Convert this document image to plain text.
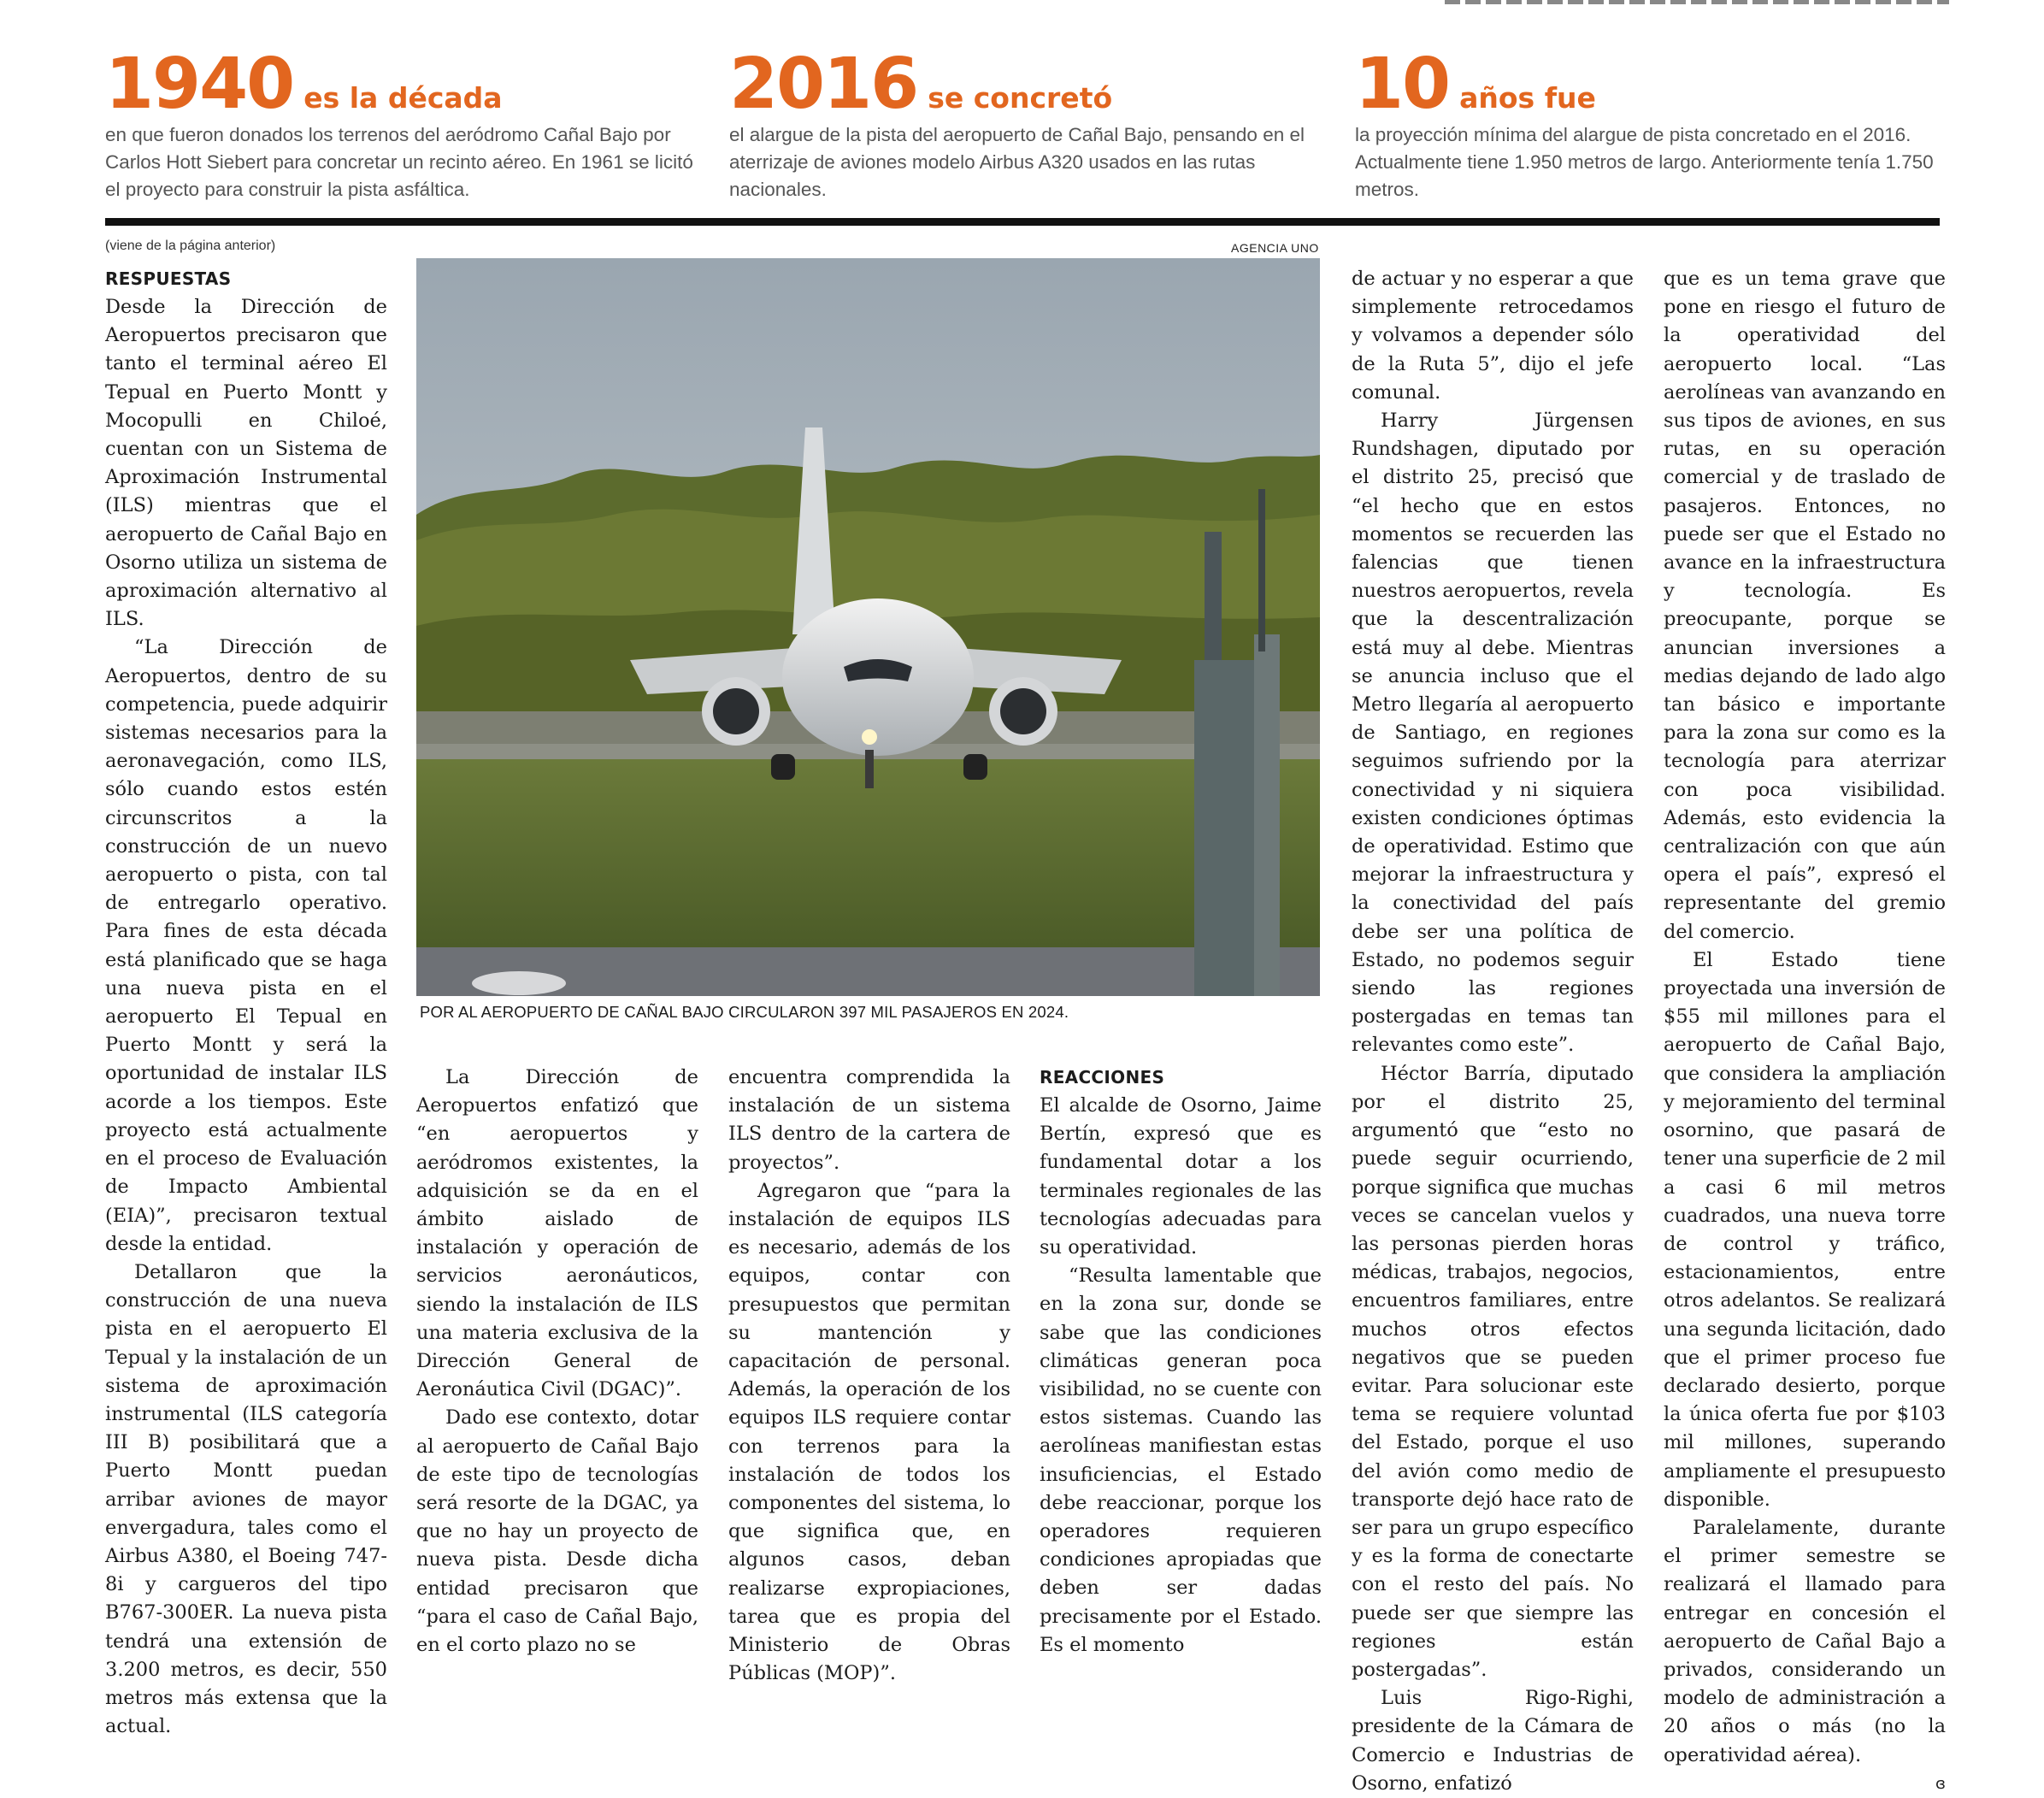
1940 es la década
en que fueron donados los terrenos del aeródromo Cañal Bajo por Carlos Hott Siebert para concretar un recinto aéreo. En 1961 se licitó el proyecto para construir la pista asfáltica.
2016 se concretó
el alargue de la pista del aeropuerto de Cañal Bajo, pensando en el aterrizaje de aviones modelo Airbus A320 usados en las rutas nacionales.
10 años fue
la proyección mínima del alargue de pista concretado en el 2016. Actualmente tiene 1.950 metros de largo. Anteriormente tenía 1.750 metros.
(viene de la página anterior)	AGENCIA UNO
POR AL AEROPUERTO DE CAÑAL BAJO CIRCULARON 397 MIL PASAJEROS EN 2024.
RESPUESTAS

Desde la Dirección de Aeropuertos precisaron que tanto el terminal aéreo El Tepual en Puerto Montt y Mocopulli en Chiloé, cuentan con un Sistema de Aproximación Instrumental (ILS) mientras que el aeropuerto de Cañal Bajo en Osorno utiliza un sistema de aproximación alternativo al ILS.

“La Dirección de Aeropuertos, dentro de su competencia, puede adquirir sistemas necesarios para la aeronavegación, como ILS, sólo cuando estos estén circunscritos a la construcción de un nuevo aeropuerto o pista, con tal de entregarlo operativo. Para fines de esta década está planificado que se haga una nueva pista en el aeropuerto El Tepual en Puerto Montt y será la oportunidad de instalar ILS acorde a los tiempos. Este proyecto está actualmente en el proceso de Evaluación de Impacto Ambiental (EIA)”, precisaron textual desde la entidad.

Detallaron que la construcción de una nueva pista en el aeropuerto El Tepual y la instalación de un sistema de aproximación instrumental (ILS categoría III B) posibilitará que a Puerto Montt puedan arribar aviones de mayor envergadura, tales como el Airbus A380, el Boeing 747-8i y cargueros del tipo B767-300ER. La nueva pista tendrá una extensión de 3.200 metros, es decir, 550 metros más extensa que la actual.

La Dirección de Aeropuertos enfatizó que “en aeropuertos y aeródromos existentes, la adquisición se da en el ámbito aislado de instalación y operación de servicios aeronáuticos, siendo la instalación de ILS una materia exclusiva de la Dirección General de Aeronáutica Civil (DGAC)”.

Dado ese contexto, dotar al aeropuerto de Cañal Bajo de este tipo de tecnologías será resorte de la DGAC, ya que no hay un proyecto de nueva pista. Desde dicha entidad precisaron que “para el caso de Cañal Bajo, en el corto plazo no se

encuentra comprendida la instalación de un sistema ILS dentro de la cartera de proyectos”.

Agregaron que “para la instalación de equipos ILS es necesario, además de los equipos, contar con presupuestos que permitan su mantención y capacitación de personal. Además, la operación de los equipos ILS requiere contar con terrenos para la instalación de todos los componentes del sistema, lo que significa que, en algunos casos, deban realizarse expropiaciones, tarea que es propia del Ministerio de Obras Públicas (MOP)”.

REACCIONES

El alcalde de Osorno, Jaime Bertín, expresó que es fundamental dotar a los terminales regionales de las tecnologías adecuadas para su operatividad.

“Resulta lamentable que en la zona sur, donde se sabe que las condiciones climáticas generan poca visibilidad, no se cuente con estos sistemas. Cuando las aerolíneas manifiestan estas insuficiencias, el Estado debe reaccionar, porque los operadores requieren condiciones apropiadas que deben ser dadas precisamente por el Estado. Es el momento

de actuar y no esperar a que simplemente retrocedamos y volvamos a depender sólo de la Ruta 5”, dijo el jefe comunal.

Harry Jürgensen Rundshagen, diputado por el distrito 25, precisó que “el hecho que en estos momentos se recuerden las falencias que tienen nuestros aeropuertos, revela que la descentralización está muy al debe. Mientras se anuncia incluso que el Metro llegaría al aeropuerto de Santiago, en regiones seguimos sufriendo por la conectividad y ni siquiera existen condiciones óptimas de operatividad. Estimo que mejorar la infraestructura y la conectividad del país debe ser una política de Estado, no podemos seguir siendo las regiones postergadas en temas tan relevantes como este”.

Héctor Barría, diputado por el distrito 25, argumentó que “esto no puede seguir ocurriendo, porque significa que muchas veces se cancelan vuelos y las personas pierden horas médicas, trabajos, negocios, encuentros familiares, entre muchos otros efectos negativos que se pueden evitar. Para solucionar este tema se requiere voluntad del Estado, porque el uso del avión como medio de transporte dejó hace rato de ser para un grupo específico y es la forma de conectarte con el resto del país. No puede ser que siempre las regiones están postergadas”.

Luis Rigo-Righi, presidente de la Cámara de Comercio e Industrias de Osorno, enfatizó

que es un tema grave que pone en riesgo el futuro de la operatividad del aeropuerto local. “Las aerolíneas van avanzando en sus tipos de aviones, en sus rutas, en su operación comercial y de traslado de pasajeros. Entonces, no puede ser que el Estado no avance en la infraestructura y tecnología. Es preocupante, porque se anuncian inversiones a medias dejando de lado algo tan básico e importante para la zona sur como es la tecnología para aterrizar con poca visibilidad. Además, esto evidencia la centralización con que aún opera el país”, expresó el representante del gremio del comercio.

El Estado tiene proyectada una inversión de $55 mil millones para el aeropuerto de Cañal Bajo, que considera la ampliación y mejoramiento del terminal osornino, que pasará de tener una superficie de 2 mil a casi 6 mil metros cuadrados, una nueva torre de control y tráfico, estacionamientos, entre otros adelantos. Se realizará una segunda licitación, dado que el primer proceso fue declarado desierto, porque la única oferta fue por $103 mil millones, superando ampliamente el presupuesto disponible.

Paralelamente, durante el primer semestre se realizará el llamado para entregar en concesión el aeropuerto de Cañal Bajo a privados, considerando un modelo de administración a 20 años o más (no la operatividad aérea).

ɞ
